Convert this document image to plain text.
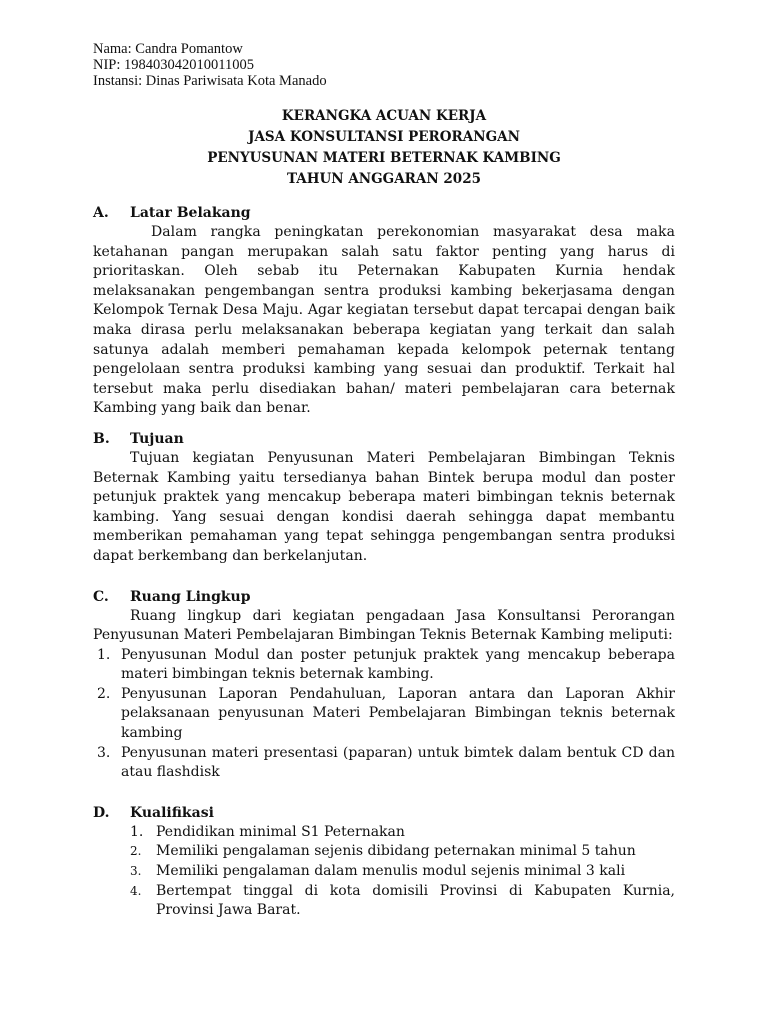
Nama: Candra Pomantow
NIP: 198403042010011005
Instansi: Dinas Pariwisata Kota Manado
KERANGKA ACUAN KERJA
JASA KONSULTANSI PERORANGAN
PENYUSUNAN MATERI BETERNAK KAMBING
TAHUN ANGGARAN 2025
A.	Latar Belakang

Dalam rangka peningkatan perekonomian masyarakat desa maka ketahanan pangan merupakan salah satu faktor penting yang harus di prioritaskan. Oleh sebab itu Peternakan Kabupaten Kurnia hendak melaksanakan pengembangan sentra produksi kambing bekerjasama dengan Kelompok Ternak Desa Maju. Agar kegiatan tersebut dapat tercapai dengan baik maka dirasa perlu melaksanakan beberapa kegiatan yang terkait dan salah satunya adalah memberi pemahaman kepada kelompok peternak tentang pengelolaan sentra produksi kambing yang sesuai dan produktif. Terkait hal tersebut maka perlu disediakan bahan/ materi pembelajaran cara beternak Kambing yang baik dan benar.

B.	Tujuan

Tujuan kegiatan Penyusunan Materi Pembelajaran Bimbingan Teknis Beternak Kambing yaitu tersedianya bahan Bintek berupa modul dan poster petunjuk praktek yang mencakup beberapa materi bimbingan teknis beternak kambing. Yang sesuai dengan kondisi daerah sehingga dapat membantu memberikan pemahaman yang tepat sehingga pengembangan sentra produksi dapat berkembang dan berkelanjutan.

C.	Ruang Lingkup

Ruang lingkup dari kegiatan pengadaan Jasa Konsultansi Perorangan Penyusunan Materi Pembelajaran Bimbingan Teknis Beternak Kambing meliputi:

1. Penyusunan Modul dan poster petunjuk praktek yang mencakup beberapa materi bimbingan teknis beternak kambing.
2. Penyusunan Laporan Pendahuluan, Laporan antara dan Laporan Akhir pelaksanaan penyusunan Materi Pembelajaran Bimbingan teknis beternak kambing
3. Penyusunan materi presentasi (paparan) untuk bimtek dalam bentuk CD dan atau flashdisk
D.	Kualifikasi
1. Pendidikan minimal S1 Peternakan
2.	Memiliki pengalaman sejenis dibidang peternakan minimal 5 tahun
3.	Memiliki pengalaman dalam menulis modul sejenis minimal 3 kali
4.	Bertempat tinggal di kota domisili Provinsi di Kabupaten Kurnia, Provinsi Jawa Barat.
